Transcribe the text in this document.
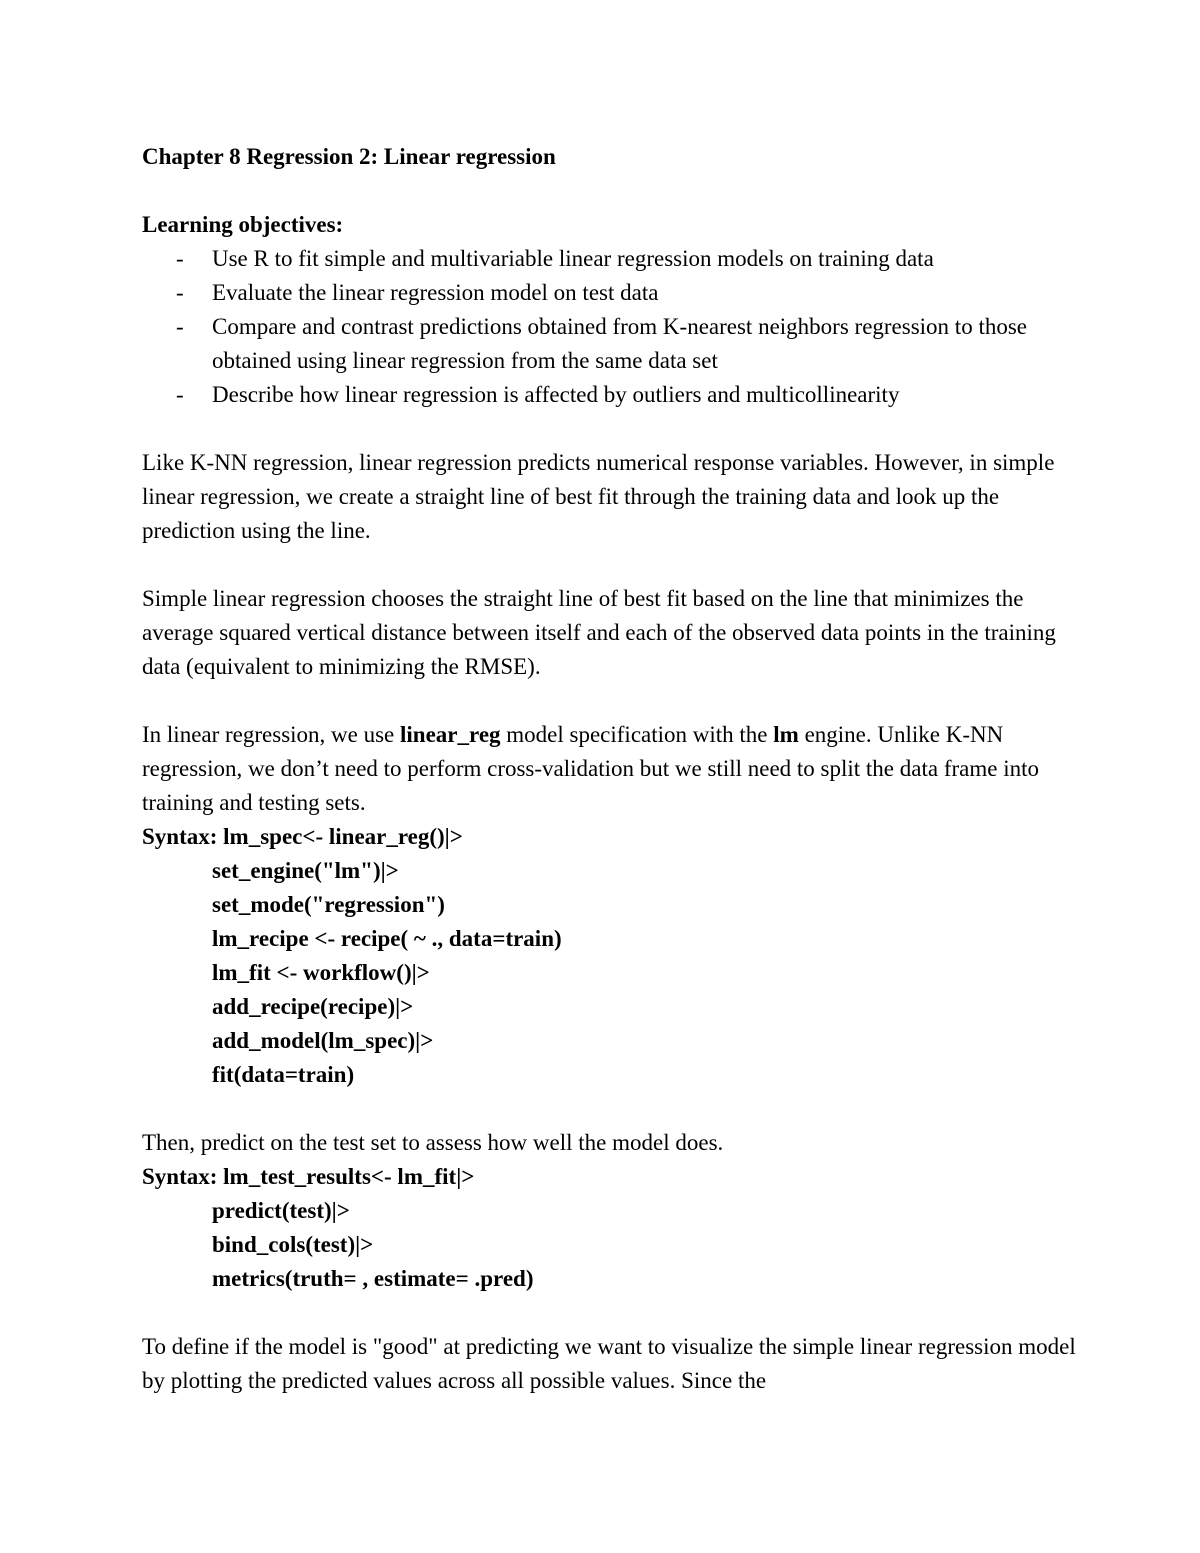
Chapter 8 Regression 2: Linear regression
Learning objectives:
- Use R to fit simple and multivariable linear regression models on training data
- Evaluate the linear regression model on test data
- Compare and contrast predictions obtained from K-nearest neighbors regression to those obtained using linear regression from the same data set
- Describe how linear regression is affected by outliers and multicollinearity

Like K-NN regression, linear regression predicts numerical response variables. However, in simple linear regression, we create a straight line of best fit through the training data and look up the prediction using the line.

Simple linear regression chooses the straight line of best fit based on the line that minimizes the average squared vertical distance between itself and each of the observed data points in the training data (equivalent to minimizing the RMSE).

In linear regression, we use linear_reg model specification with the lm engine. Unlike K-NN regression, we don’t need to perform cross-validation but we still need to split the data frame into training and testing sets.

Syntax: lm_spec<- linear_reg()|>
set_engine("lm")|>
set_mode("regression")
lm_recipe <- recipe( ~ ., data=train)
lm_fit <- workflow()|>
add_recipe(recipe)|>
add_model(lm_spec)|>
fit(data=train)

Then, predict on the test set to assess how well the model does.

Syntax: lm_test_results<- lm_fit|>
predict(test)|>
bind_cols(test)|>
metrics(truth= , estimate= .pred)

To define if the model is "good" at predicting we want to visualize the simple linear regression model by plotting the predicted values across all possible values. Since the
